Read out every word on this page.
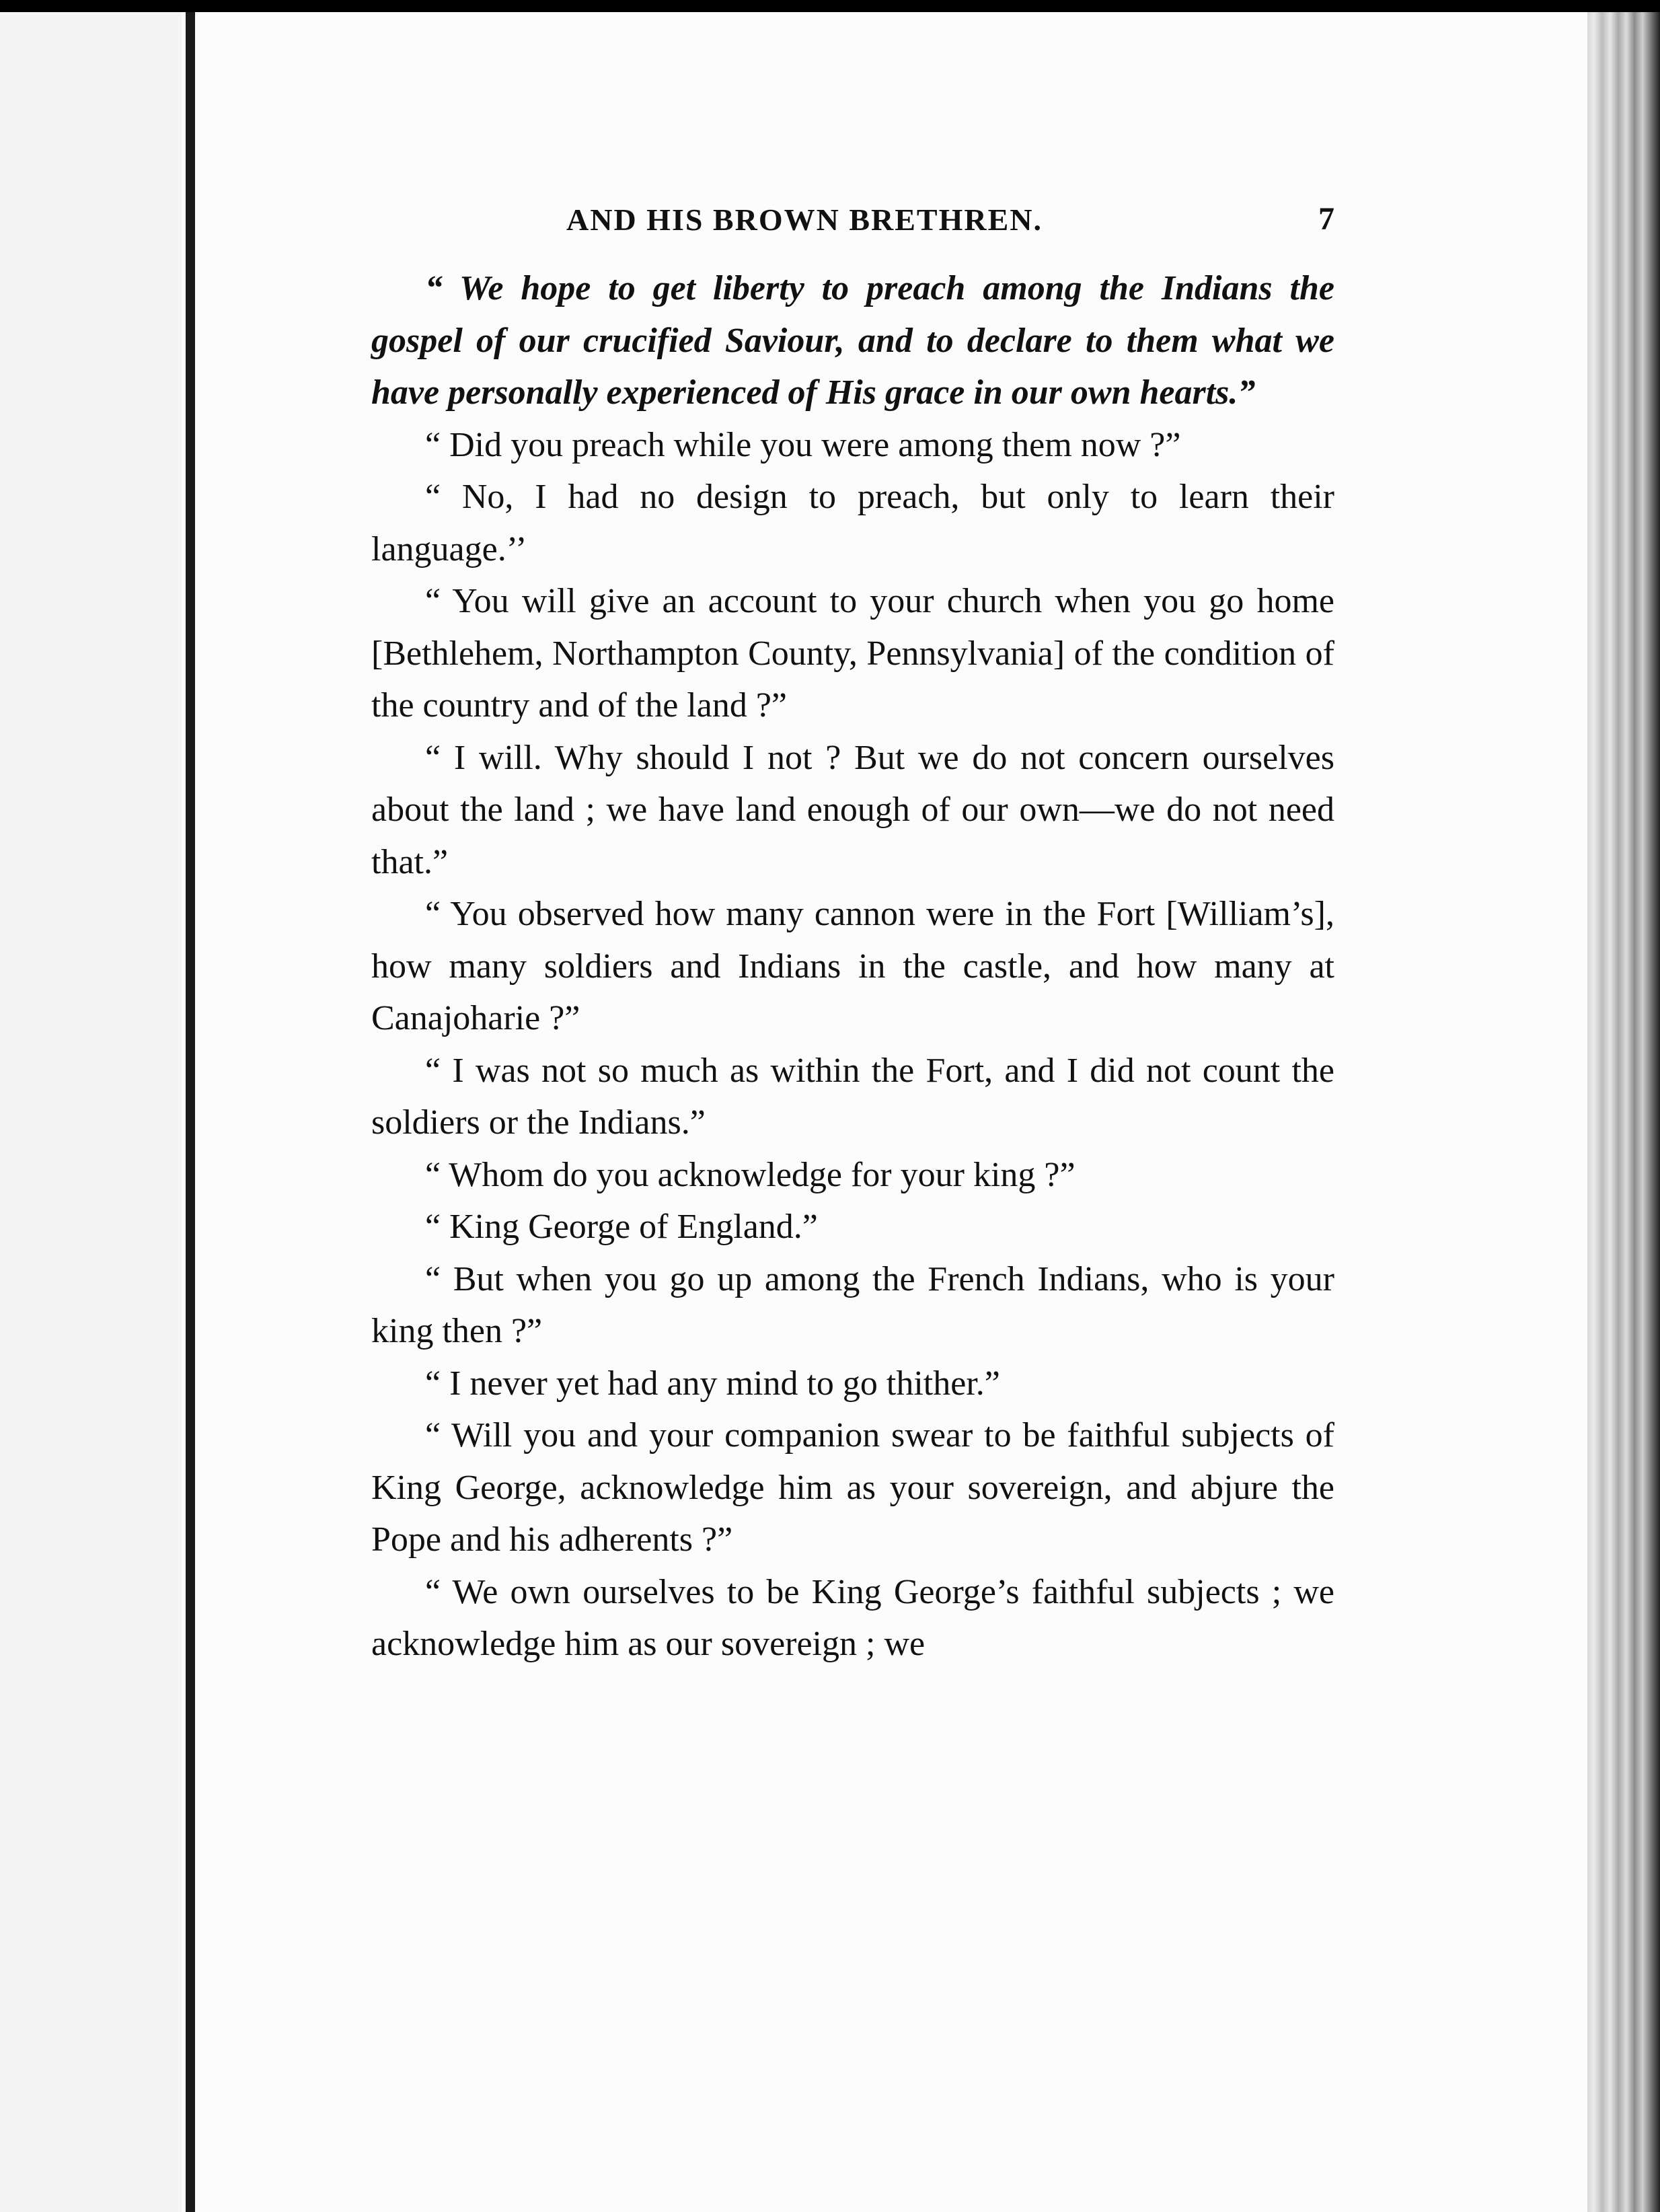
AND HIS BROWN BRETHREN.	7

“ We hope to get liberty to preach among the Indians the gospel of our crucified Saviour, and to declare to them what we have personally experienced of His grace in our own hearts.”

“ Did you preach while you were among them now ?”

“ No, I had no design to preach, but only to learn their language.’’

“ You will give an account to your church when you go home [Bethlehem, Northampton County, Pennsylvania] of the condition of the country and of the land ?”

“ I will. Why should I not ? But we do not concern ourselves about the land ; we have land enough of our own—we do not need that.”

“ You observed how many cannon were in the Fort [William’s], how many soldiers and Indians in the castle, and how many at Canajoharie ?”

“ I was not so much as within the Fort, and I did not count the soldiers or the Indians.”

“ Whom do you acknowledge for your king ?”

“ King George of England.”

“ But when you go up among the French Indians, who is your king then ?”

“ I never yet had any mind to go thither.”

“ Will you and your companion swear to be faithful subjects of King George, acknowledge him as your sovereign, and abjure the Pope and his adherents ?”

“ We own ourselves to be King George’s faithful subjects ; we acknowledge him as our sovereign ; we
